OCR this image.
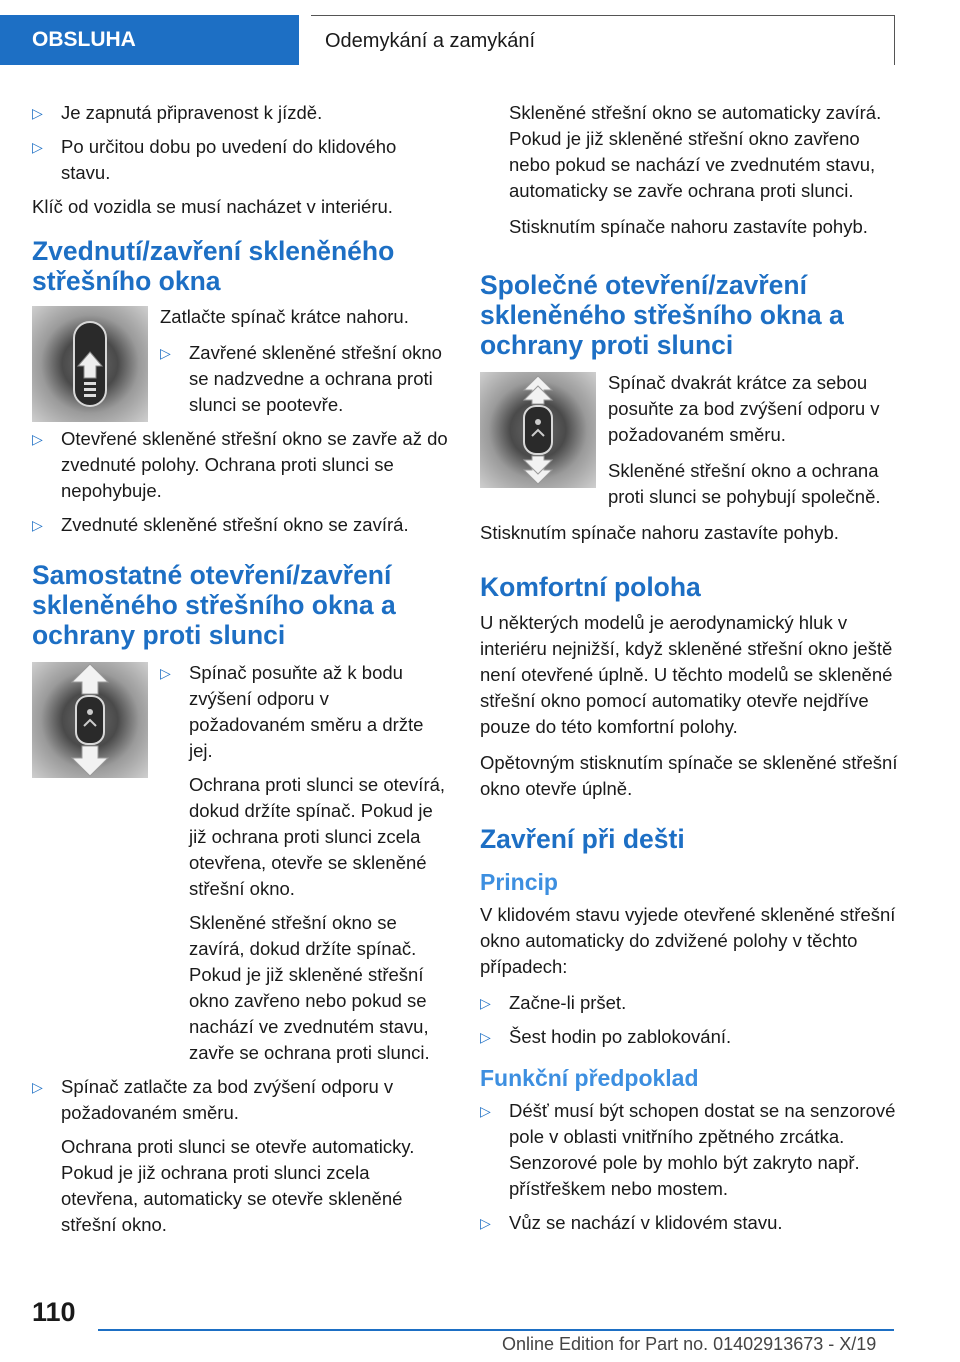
OBSLUHA	Odemykání a zamykání
▷ Je zapnutá připravenost k jízdě.

▷ Po určitou dobu po uvedení do klidového stavu.

Klíč od vozidla se musí nacházet v interiéru.

Zvednutí/zavření skleněného střešního okna

Zatlačte spínač krátce nahoru.

▷ Zavřené skleněné střešní okno se nadzvedne a ochrana proti slunci se pootevře.

▷ Otevřené skleněné střešní okno se zavře až do zvednuté polohy. Ochrana proti slunci se nepohybuje.

▷ Zvednuté skleněné střešní okno se zavírá.

Samostatné otevření/zavření skleněného střešního okna a ochrany proti slunci
▷ Spínač posuňte až k bodu zvýšení odporu v požadovaném směru a držte jej.

Ochrana proti slunci se otevírá, dokud držíte spínač. Pokud je již ochrana proti slunci zcela otevřena, otevře se skleněné střešní okno.

Skleněné střešní okno se zavírá, dokud držíte spínač. Pokud je již skleněné střešní okno zavřeno nebo pokud se nachází ve zvednutém stavu, zavře se ochrana proti slunci.

▷ Spínač zatlačte za bod zvýšení odporu v požadovaném směru.

Ochrana proti slunci se otevře automaticky. Pokud je již ochrana proti slunci zcela otevřena, automaticky se otevře skleněné střešní okno.

Skleněné střešní okno se automaticky zavírá. Pokud je již skleněné střešní okno zavřeno nebo pokud se nachází ve zvednutém stavu, automaticky se zavře ochrana proti slunci.

Stisknutím spínače nahoru zastavíte pohyb.

Společné otevření/zavření skleněného střešního okna a ochrany proti slunci

Spínač dvakrát krátce za sebou posuňte za bod zvýšení odporu v požadovaném směru.

Skleněné střešní okno a ochrana proti slunci se pohybují společně.

Stisknutím spínače nahoru zastavíte pohyb.

Komfortní poloha

U některých modelů je aerodynamický hluk v interiéru nejnižší, když skleněné střešní okno ještě není otevřené úplně. U těchto modelů se skleněné střešní okno pomocí automatiky otevře nejdříve pouze do této komfortní polohy.

Opětovným stisknutím spínače se skleněné střešní okno otevře úplně.

Zavření při dešti
Princip

V klidovém stavu vyjede otevřené skleněné střešní okno automaticky do zdvižené polohy v těchto případech:

▷ Začne-li pršet.

▷ Šest hodin po zablokování.

Funkční předpoklad
▷ Déšť musí být schopen dostat se na senzorové pole v oblasti vnitřního zpětného zrcátka. Senzorové pole by mohlo být zakryto např. přístřeškem nebo mostem.

▷ Vůz se nachází v klidovém stavu.

110
Online Edition for Part no. 01402913673 - X/19
